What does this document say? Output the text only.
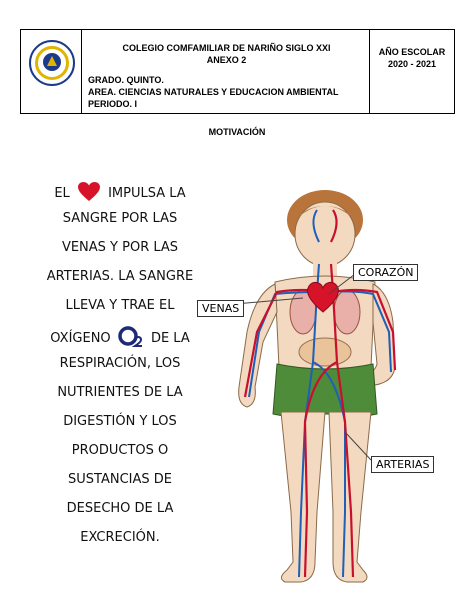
COLEGIO COMFAMILIAR DE NARIÑO SIGLO XXI
ANEXO 2
GRADO. QUINTO.
AREA. CIENCIAS NATURALES Y EDUCACION AMBIENTAL
PERIODO. I
AÑO ESCOLAR
2020 - 2021
MOTIVACIÓN
EL	IMPULSA LA
SANGRE POR LAS
VENAS Y POR LAS
ARTERIAS. LA SANGRE
LLEVA Y TRAE EL
OXÍGENO	DE LA
RESPIRACIÓN, LOS
NUTRIENTES DE LA
DIGESTIÓN Y LOS
PRODUCTOS O
SUSTANCIAS DE
DESECHO DE LA
EXCRECIÓN.
CORAZÓN
VENAS
ARTERIAS
